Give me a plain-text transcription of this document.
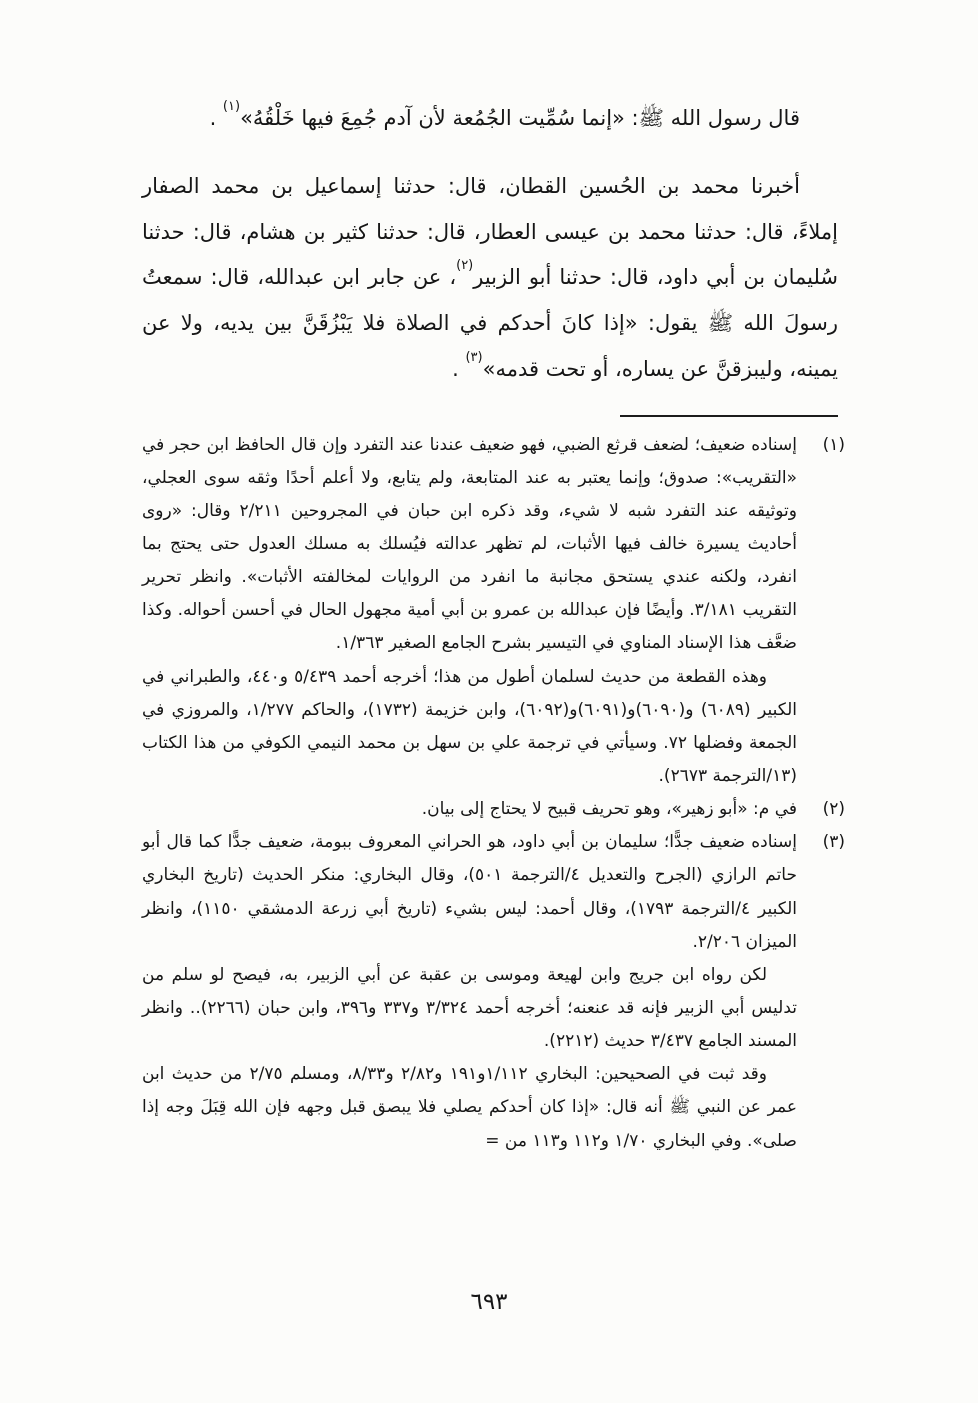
قال رسول الله ﷺ: «إنما سُمِّيت الجُمُعة لأن آدم جُمِعَ فيها خَلْقُهُ»$^{(١)}$ .

أخبرنا محمد بن الحُسين القطان، قال: حدثنا إسماعيل بن محمد الصفار إملاءً، قال: حدثنا محمد بن عيسى العطار، قال: حدثنا كثير بن هشام، قال: حدثنا سُليمان بن أبي داود، قال: حدثنا أبو الزبير$^{(٢)}$، عن جابر ابن عبدالله، قال: سمعتُ رسولَ الله ﷺ يقول: «إذا كانَ أحدكم في الصلاة فلا يَبْزُقَنَّ بين يديه، ولا عن يمينه، وليبزقنَّ عن يساره، أو تحت قدمه»$^{(٣)}$ .

(١)

إسناده ضعيف؛ لضعف قرثع الضبي، فهو ضعيف عندنا عند التفرد وإن قال الحافظ ابن حجر في «التقريب»: صدوق؛ وإنما يعتبر به عند المتابعة، ولم يتابع، ولا أعلم أحدًا وثقه سوى العجلي، وتوثيقه عند التفرد شبه لا شيء، وقد ذكره ابن حبان في المجروحين ٢/٢١١ وقال: «روى أحاديث يسيرة خالف فيها الأثبات، لم تظهر عدالته فيُسلك به مسلك العدول حتى يحتج بما انفرد، ولكنه عندي يستحق مجانبة ما انفرد من الروايات لمخالفته الأثبات». وانظر تحرير التقريب ٣/١٨١. وأيضًا فإن عبدالله بن عمرو بن أبي أمية مجهول الحال في أحسن أحواله. وكذا ضعَّف هذا الإسناد المناوي في التيسير بشرح الجامع الصغير ١/٣٦٣.

وهذه القطعة من حديث لسلمان أطول من هذا؛ أخرجه أحمد ٥/٤٣٩ و٤٤٠، والطبراني في الكبير (٦٠٨٩) و(٦٠٩٠)و(٦٠٩١)و(٦٠٩٢)، وابن خزيمة (١٧٣٢)، والحاكم ١/٢٧٧، والمروزي في الجمعة وفضلها ٧٢. وسيأتي في ترجمة علي بن سهل بن محمد النيمي الكوفي من هذا الكتاب (١٣/الترجمة ٢٦٧٣).

(٢)

في م: «أبو زهير»، وهو تحريف قبيح لا يحتاج إلى بيان.

(٣)

إسناده ضعيف جدًّا؛ سليمان بن أبي داود، هو الحراني المعروف ببومة، ضعيف جدًّا كما قال أبو حاتم الرازي (الجرح والتعديل ٤/الترجمة ٥٠١)، وقال البخاري: منكر الحديث (تاريخ البخاري الكبير ٤/الترجمة ١٧٩٣)، وقال أحمد: ليس بشيء (تاريخ أبي زرعة الدمشقي ١١٥٠)، وانظر الميزان ٢/٢٠٦.

لكن رواه ابن جريج وابن لهيعة وموسى بن عقبة عن أبي الزبير، به، فيصح لو سلم من تدليس أبي الزبير فإنه قد عنعنه؛ أخرجه أحمد ٣/٣٢٤ و٣٣٧ و٣٩٦، وابن حبان (٢٢٦٦).. وانظر المسند الجامع ٣/٤٣٧ حديث (٢٢١٢).

وقد ثبت في الصحيحين: البخاري ١/١١٢و١٩١ و٢/٨٢ و٨/٣٣، ومسلم ٢/٧٥ من حديث ابن عمر عن النبي ﷺ أنه قال: «إذا كان أحدكم يصلي فلا يبصق قبل وجهه فإن الله قِبَلَ وجه إذا صلى». وفي البخاري ١/٧٠ و١١٢ و١١٣ من =

٦٩٣
